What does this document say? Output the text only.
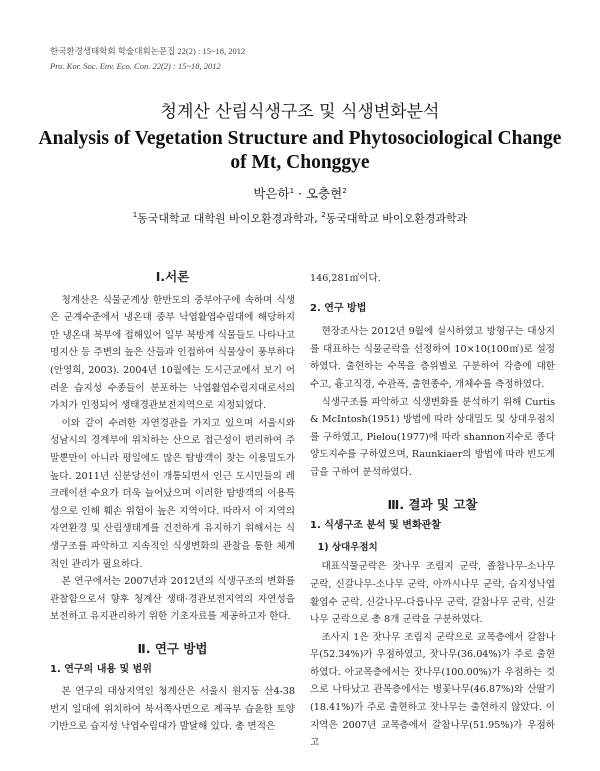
한국환경생태학회 학술대회논문집 22(2) : 15~18, 2012
Pro. Kor. Soc. Env. Eco. Con. 22(2) : 15~18, 2012
청계산 산림식생구조 및 식생변화분석
Analysis of Vegetation Structure and Phytosociological Change
of Mt, Chonggye
박은하$^1$ · 오충현$^2$
$^1$동국대학교 대학원 바이오환경과학과, $^2$동국대학교 바이오환경과학과
Ⅰ.서론

청계산은 식물군계상 한반도의 중부아구에 속하며 식생은 군계수준에서 냉온대 중부 낙엽활엽수림대에 해당하지만 냉온대 북부에 접해있어 일부 북방계 식물들도 나타나고 명지산 등 주변의 높은 산들과 인접하여 식물상이 풍부하다(안영희, 2003). 2004년 10월에는 도시근교에서 보기 어려운 습지성 수종들이 분포하는 낙엽활엽수림지대로서의 가치가 인정되어 생태경관보전지역으로 지정되었다.

이와 같이 수려한 자연경관을 가지고 있으며 서울시와 성남시의 경계부에 위치하는 산으로 접근성이 편리하여 주말뿐만이 아니라 평일에도 많은 탐방객이 찾는 이용밀도가 높다. 2011년 신분당선이 개통되면서 인근 도시민들의 레크레이션 수요가 더욱 늘어났으며 이러한 탐방객의 이용특성으로 인해 훼손 위험이 높은 지역이다. 따라서 이 지역의 자연환경 및 산림생태계를 건전하게 유지하기 위해서는 식생구조를 파악하고 지속적인 식생변화의 관찰을 통한 체계적인 관리가 필요하다.

본 연구에서는 2007년과 2012년의 식생구조의 변화를 관찰함으로서 향후 청계산 생태·경관보전지역의 자연성을 보전하고 유지관리하기 위한 기초자료를 제공하고자 한다.

Ⅱ. 연구 방법
1. 연구의 내용 및 범위

본 연구의 대상지역인 청계산은 서울시 원지동 산4-38번지 일대에 위치하여 북서쪽사면으로 계곡부 습윤한 토양기반으로 습지성 낙엽수림대가 발달해 있다. 총 면적은

146,281㎡이다.

2. 연구 방법

현장조사는 2012년 9월에 실시하였고 방형구는 대상지를 대표하는 식물군락을 선정하여 10×10(100㎡)로 설정하였다. 출현하는 수목을 층위별로 구분하여 각층에 대한 수고, 흉고직경, 수관폭, 출현종수, 개체수를 측정하였다.

식생구조를 파악하고 식생변화를 분석하기 위해 Curtis & McIntosh(1951) 방법에 따라 상대밀도 및 상대우점치를 구하였고, Pielou(1977)에 따라 shannon지수로 종다양도지수를 구하였으며, Raunkiaer의 방법에 따라 빈도계급을 구하여 분석하였다.

Ⅲ. 결과 및 고찰
1. 식생구조 분석 및 변화관찰
1) 상대우점치

대표식물군락은 잣나무 조림지 군락, 졸참나무-소나무 군락, 신갈나무-소나무 군락, 아까시나무 군락, 습지성낙엽활엽수 군락, 신갈나무-다릅나무 군락, 갈참나무 군락, 신갈나무 군락으로 총 8개 군락을 구분하였다.

조사지 1은 잣나무 조림지 군락으로 교목층에서 갈참나무(52.34%)가 우점하였고, 잣나무(36.04%)가 주로 출현하였다. 아교목층에서는 잣나무(100.00%)가 우점하는 것으로 나타났고 관목층에서는 병꽃나무(46.87%)와 산딸기(18.41%)가 주로 출현하고 잣나무는 출현하지 않았다. 이 지역은 2007년 교목층에서 갈참나무(51.95%)가 우점하고
